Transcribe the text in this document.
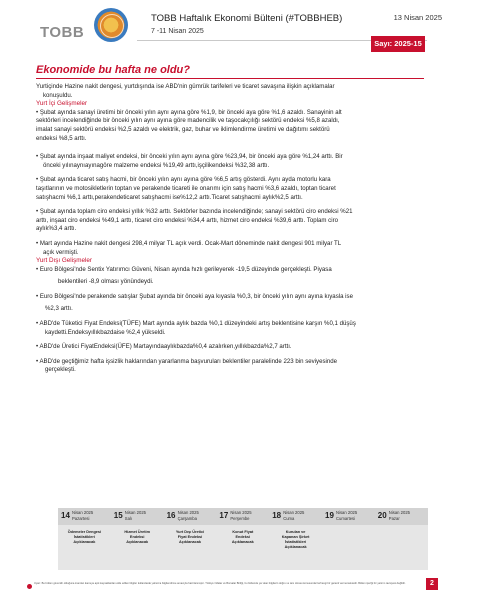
TOBB
TOBB Haftalık Ekonomi Bülteni (#TOBBHEB)
7 -11 Nisan 2025
13 Nisan 2025
Sayı: 2025-15
Ekonomide bu hafta ne oldu?

Yurtiçinde Hazine nakit dengesi, yurtdışında ise ABD'nin gümrük tarifeleri ve ticaret savaşına ilişkin açıklamalar

konuşuldu.

Yurt İçi Gelişmeler

• Şubat ayında sanayi üretimi bir önceki yılın aynı ayına göre %1,9, bir önceki aya göre %1,6 azaldı. Sanayinin alt

sektörleri incelendiğinde bir önceki yılın aynı ayına göre madencilik ve taşocakçılığı sektörü endeksi %5,8 azaldı,

imalat sanayi sektörü endeksi %2,5 azaldı ve elektrik, gaz, buhar ve iklimlendirme üretimi ve dağıtımı sektörü

endeksi %8,5 arttı.

• Şubat ayında inşaat maliyet endeksi, bir önceki yılın aynı ayına göre %23,94, bir önceki aya göre %1,24 arttı. Bir

önceki yılınaynıayınagöre malzeme endeksi %19,49 arttı,işçilikendeksi %32,38 arttı.

• Şubat ayında ticaret satış hacmi, bir önceki yılın aynı ayına göre %6,5 artış gösterdi. Aynı ayda motorlu kara

taşıtlarının ve motosikletlerin toptan ve perakende ticareti ile onarımı için satış hacmi %3,6 azaldı, toptan ticaret

satışhacmi %6,1 arttı,perakendeticaret satışhacmi ise%12,2 arttı.Ticaret satışhacmi aylık%2,5 arttı.

• Şubat ayında toplam ciro endeksi yıllık %32 arttı. Sektörler bazında incelendiğinde; sanayi sektörü ciro endeksi %21

arttı, inşaat ciro endeksi %49,1 arttı, ticaret ciro endeksi %34,4 arttı, hizmet ciro endeksi %39,6 arttı. Toplam ciro

aylık%3,4 arttı.

• Mart ayında Hazine nakit dengesi 298,4 milyar TL açık verdi. Ocak-Mart döneminde nakit dengesi 901 milyar TL

açık vermişti.

Yurt Dışı Gelişmeler

• Euro Bölgesi'nde Sentix Yatırımcı Güveni, Nisan ayında hızlı gerileyerek -19,5 düzeyinde gerçekleşti. Piyasa

beklentileri -8,9 olması yönündeydi.

• Euro Bölgesi'nde perakende satışlar Şubat ayında bir önceki aya kıyasla %0,3, bir önceki yılın aynı ayına kıyasla ise

%2,3 arttı.

• ABD'de Tüketici Fiyat Endeksi(TÜFE) Mart ayında aylık bazda %0,1 düzeyindeki artış beklentisine karşın %0,1 düşüş

kaydetti.Endeksyıllıkbazdaise %2,4 yükseldi.

• ABD'de Üretici FiyatEndeksi(ÜFE) Martayındaaylıkbazda%0,4 azalırken,yıllıkbazda%2,7 arttı.

• ABD'de geçtiğimiz hafta işsizlik haklarından yararlanma başvuruları beklentiler paralelinde 223 bin seviyesinde

gerçekleşti.

14 Nisan 2025
Pazartesi
Ödemeler Dengesi
İstatistikleri
Açıklanacak
15 Nisan 2025
Salı
Hizmet Üretim
Endeksi
Açıklanacak
16 Nisan 2025
Çarşamba
Yurt Dışı Üretici
Fiyat Endeksi
Açıklanacak
17 Nisan 2025
Perşembe
Konut Fiyat
Endeksi
Açıklanacak
18 Nisan 2025
Cuma
Kurulan ve
Kapanan Şirket
İstatistikleri
Açıklanacak
19 Nisan 2025
Cumartesi	20 Nisan 2025
Pazar
Uyarı: Bu bülten güvenilir olduğuna inanılan kamuya açık kaynaklardan elde edilen bilgiler kullanılarak yalnızca bilgilendirme amacıyla hazırlanmıştır. Türkiye Odalar ve Borsalar Birliği, bu bültende yer alan bilgilerin doğru ve tam olması konusunda herhangi bir garanti vermemektedir. Bülten içeriği bir yatırım tavsiyesi değildir.	2
